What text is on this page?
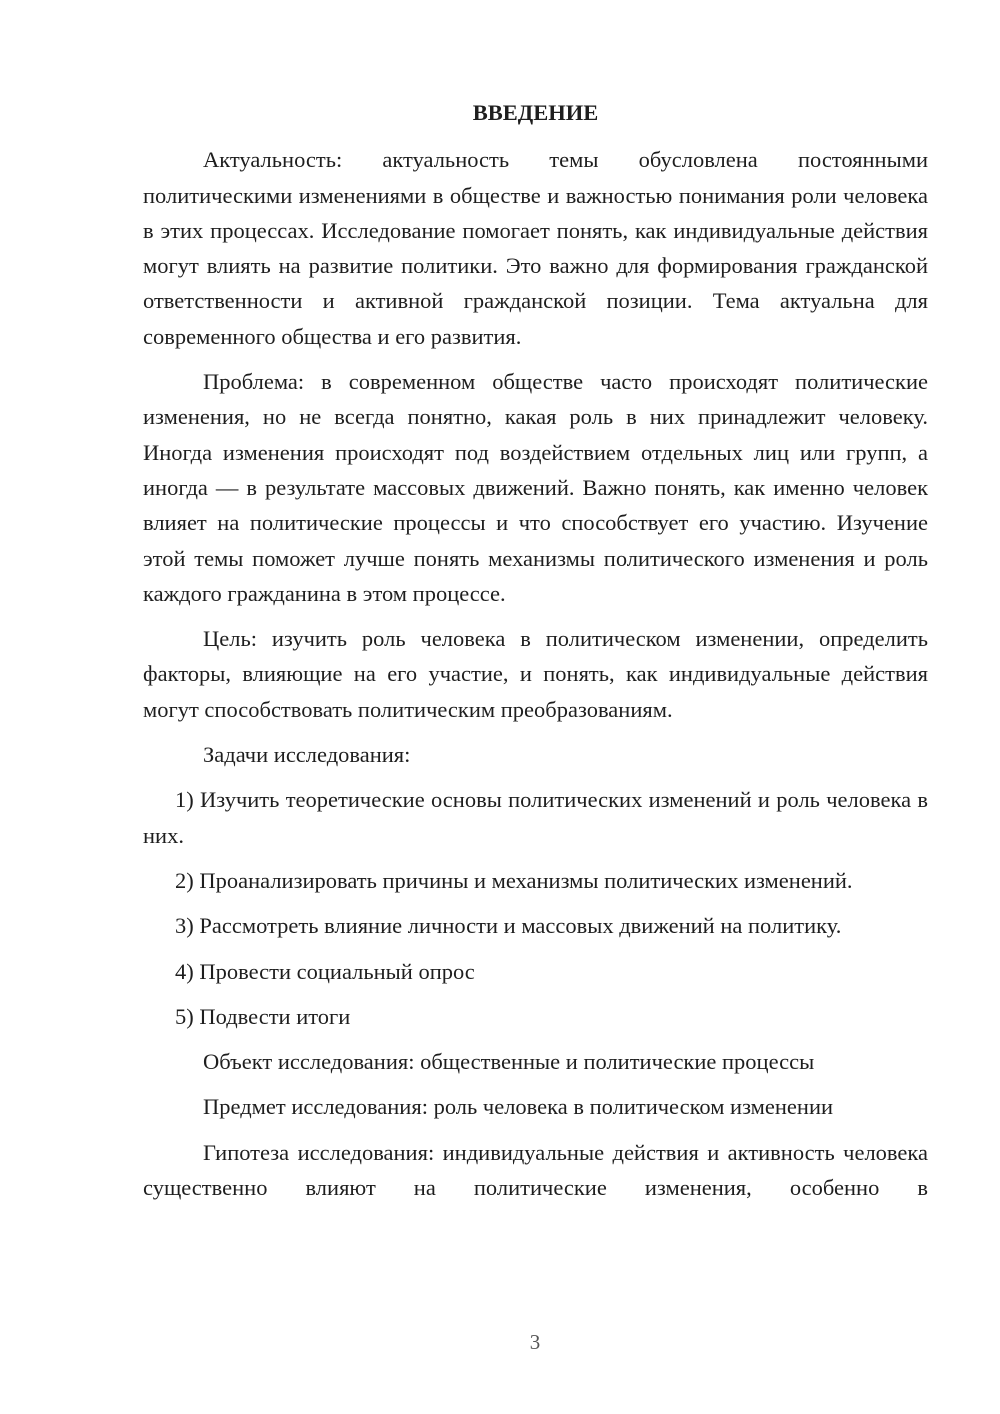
ВВЕДЕНИЕ

Актуальность: актуальность темы обусловлена постоянными политическими изменениями в обществе и важностью понимания роли человека в этих процессах. Исследование помогает понять, как индивидуальные действия могут влиять на развитие политики. Это важно для формирования гражданской ответственности и активной гражданской позиции. Тема актуальна для современного общества и его развития.

Проблема: в современном обществе часто происходят политические изменения, но не всегда понятно, какая роль в них принадлежит человеку. Иногда изменения происходят под воздействием отдельных лиц или групп, а иногда — в результате массовых движений. Важно понять, как именно человек влияет на политические процессы и что способствует его участию. Изучение этой темы поможет лучше понять механизмы политического изменения и роль каждого гражданина в этом процессе.

Цель: изучить роль человека в политическом изменении, определить факторы, влияющие на его участие, и понять, как индивидуальные действия могут способствовать политическим преобразованиям.

Задачи исследования:

1) Изучить теоретические основы политических изменений и роль человека в них.

2) Проанализировать причины и механизмы политических изменений.

3) Рассмотреть влияние личности и массовых движений на политику.

4) Провести социальный опрос

5) Подвести итоги

Объект исследования: общественные и политические процессы

Предмет исследования: роль человека в политическом изменении

Гипотеза исследования: индивидуальные действия и активность человека существенно влияют на политические изменения, особенно в

3
